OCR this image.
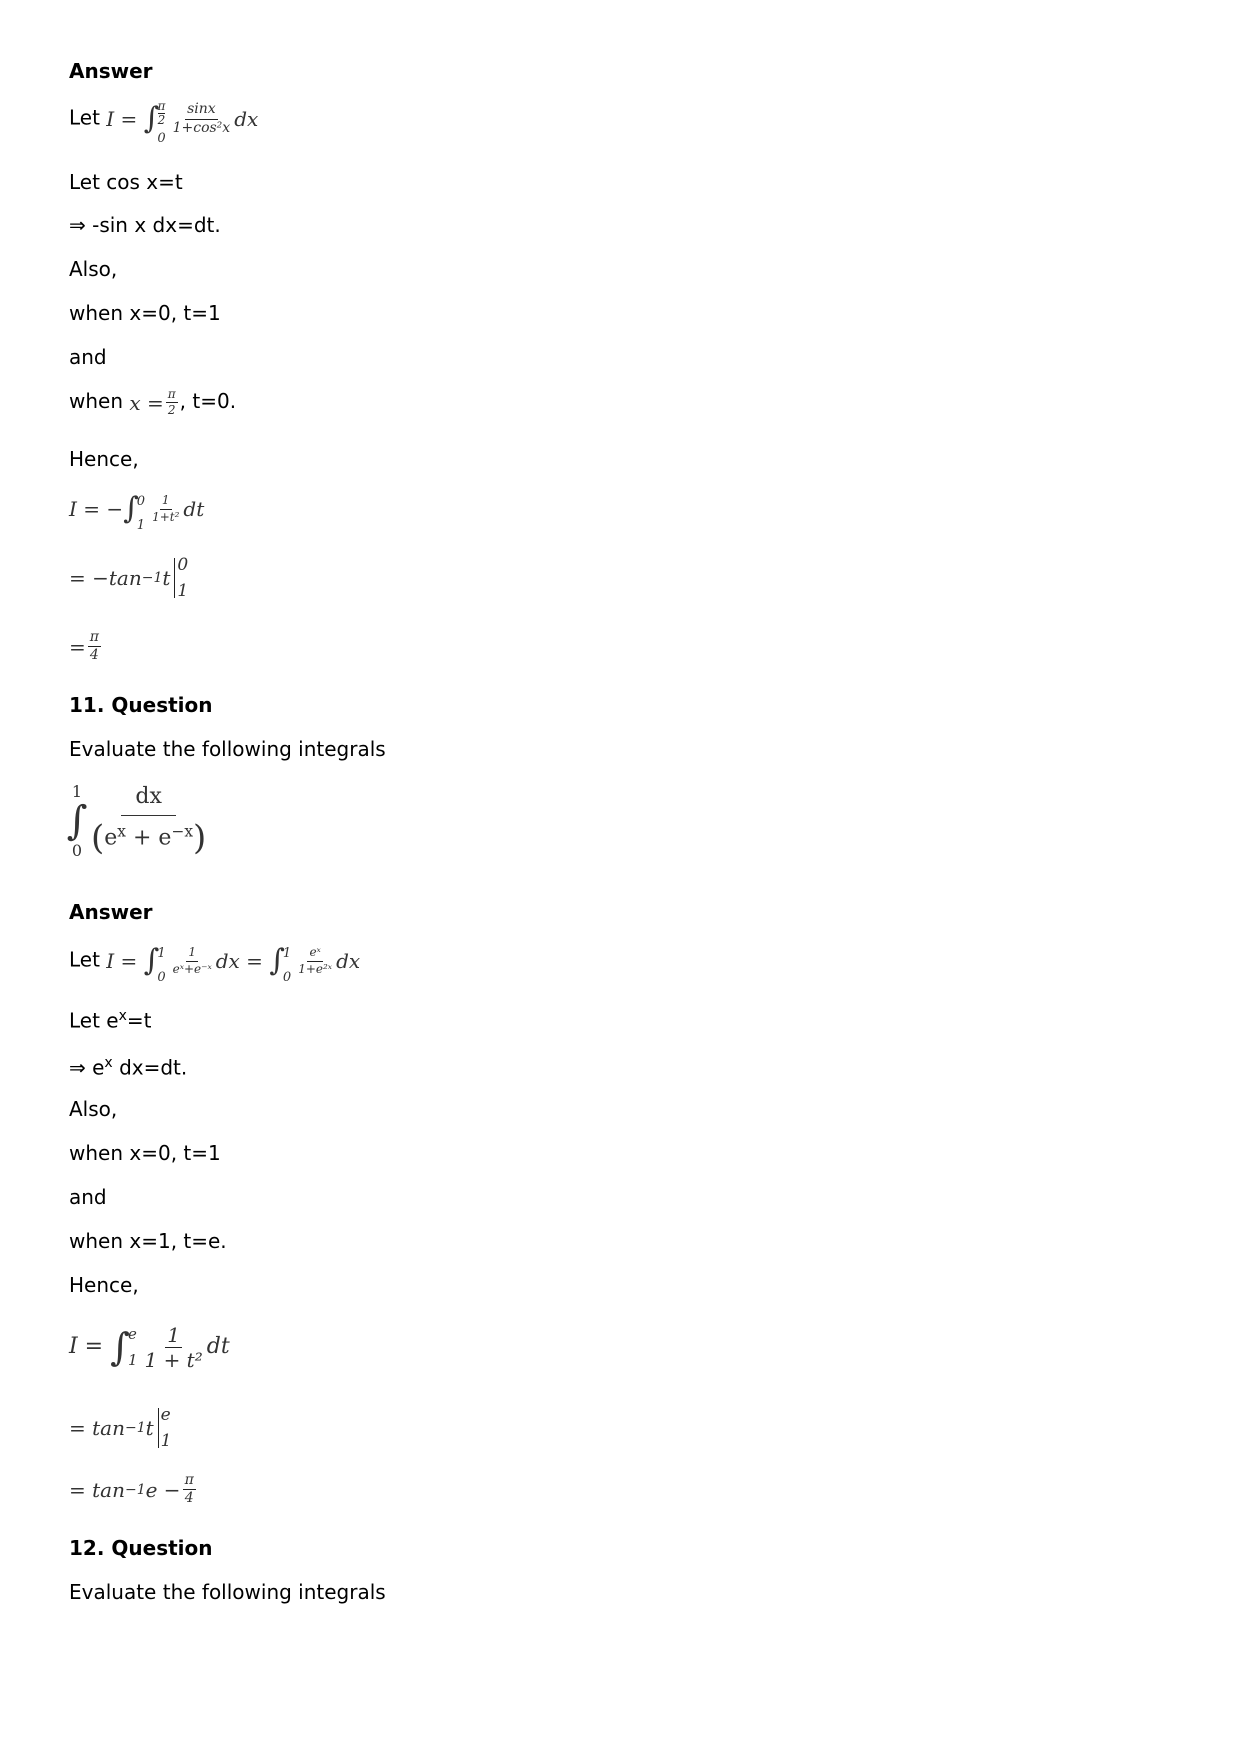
Answer
Let I =
∫
$\frac{\pi}{2}$
0
$\frac{\sin x}{\text{1+cos²x}}$ dx
Let cos x=t
⇒ -sin x dx=dt.
Also,
when x=0, t=1
and
when $x = \frac{\pi}{2}$ , t=0.
Hence,
I = − ∫
0
1
$\frac{1}{\text{1+t²}}$ dt
= −tan −1 t
0
1
= $\frac{\pi}{4}$
11. Question
Evaluate the following integrals
1
∫
$0 \frac{dx}{(e^x + e^{-x})}$
Answer
Let I =
∫
1
0
$\frac{1}{\text{eˣ+e⁻ˣ}}$ dx =
∫
1
0
$\frac{\text{eˣ}}{\text{1+e²ˣ}}$ dx
Let $e^x=t$
⇒ $e^x$ dx=dt.
Also,
when x=0, t=1
and
when x=1, t=e.
Hence,
I =
∫
e
$1 \frac{1}{\text{1 + t²}}$ dt
= tan −1 t
e
1
= tan −1 $e - \frac{\pi}{4}$
12. Question
Evaluate the following integrals
